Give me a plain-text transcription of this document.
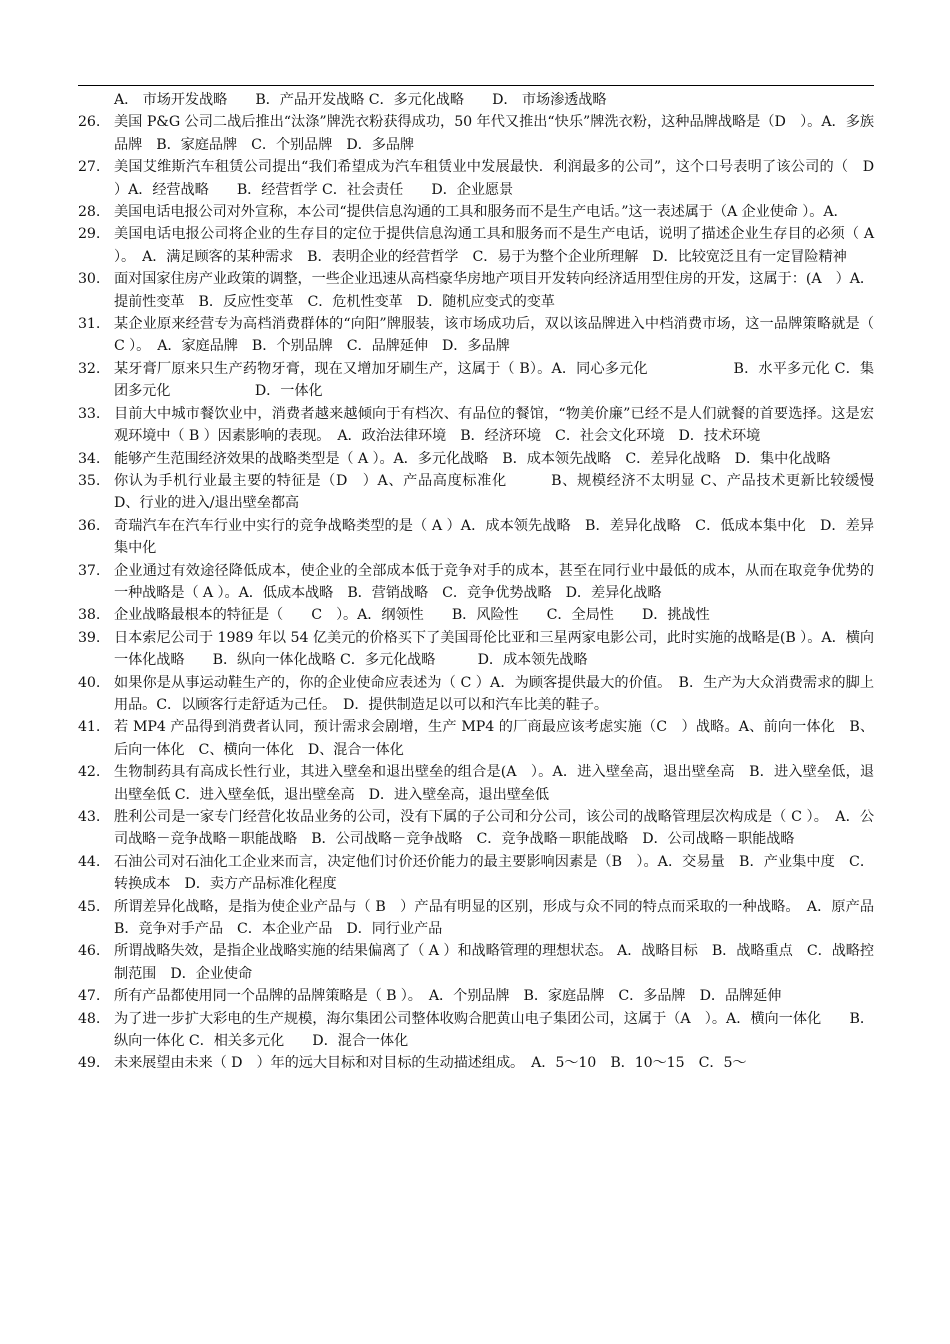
A． 市场开发战略　　B．产品开发战略 C．多元化战略　　D． 市场渗透战略
26. 美国 P&G 公司二战后推出“汰涤”牌洗衣粉获得成功，50 年代又推出“快乐”牌洗衣粉，这种品牌战略是（D　）。A．多族品牌　B．家庭品牌　C．个别品牌　D．多品牌
27. 美国艾维斯汽车租赁公司提出“我们希望成为汽车租赁业中发展最快．利润最多的公司”，这个口号表明了该公司的（　D　　）A．经营战略　　B．经营哲学 C．社会责任　　D．企业愿景
28. 美国电话电报公司对外宣称，本公司“提供信息沟通的工具和服务而不是生产电话。”这一表述属于（A 企业使命 ）。A．
29. 美国电话电报公司将企业的生存目的定位于提供信息沟通工具和服务而不是生产电话，说明了描述企业生存目的必须（ A ）。　A．满足顾客的某种需求　B．表明企业的经营哲学　C．易于为整个企业所理解　D．比较宽泛且有一定冒险精神
30. 面对国家住房产业政策的调整，一些企业迅速从高档豪华房地产项目开发转向经济适用型住房的开发，这属于：(A　）A．提前性变革　B．反应性变革　C．危机性变革　D．随机应变式的变革
31. 某企业原来经营专为高档消费群体的“向阳”牌服装，该市场成功后，双以该品牌进入中档消费市场，这一品牌策略就是（ C ）。　A．家庭品牌　B．个别品牌　C．品牌延伸　D．多品牌
32. 某牙膏厂原来只生产药物牙膏，现在又增加牙刷生产，这属于（ B）。A．同心多元化　　　　　　B．水平多元化 C．集团多元化　　　　　　D．一体化
33. 目前大中城市餐饮业中，消费者越来越倾向于有档次、有品位的餐馆，“物美价廉”已经不是人们就餐的首要选择。这是宏观环境中（ B ）因素影响的表现。　A．政治法律环境　B．经济环境　C．社会文化环境　D．技术环境
34. 能够产生范围经济效果的战略类型是（ A ）。A．多元化战略　B．成本领先战略　C．差异化战略　D．集中化战略
35. 你认为手机行业最主要的特征是（D　）A、产品高度标准化　　　B、规模经济不太明显 C、产品技术更新比较缓慢　D、行业的进入/退出壁垒都高
36. 奇瑞汽车在汽车行业中实行的竞争战略类型的是（ A ）A．成本领先战略　B．差异化战略　C．低成本集中化　D．差异集中化
37. 企业通过有效途径降低成本，使企业的全部成本低于竞争对手的成本，甚至在同行业中最低的成本，从而在取竞争优势的一种战略是（ A ）。A．低成本战略　B．营销战略　C．竞争优势战略　D．差异化战略
38. 企业战略最根本的特征是（　　C　）。A．纲领性　　B．风险性　　C．全局性　　D．挑战性
39. 日本索尼公司于 1989 年以 54 亿美元的价格买下了美国哥伦比亚和三星两家电影公司，此时实施的战略是(B ）。A．横向一体化战略　　B．纵向一体化战略 C．多元化战略　　　D．成本领先战略
40. 如果你是从事运动鞋生产的，你的企业使命应表述为（ C ）A．为顾客提供最大的价值。　B．生产为大众消费需求的脚上用品。C．以顾客行走舒适为己任。　D．提供制造足以可以和汽车比美的鞋子。
41. 若 MP4 产品得到消费者认同，预计需求会剧增，生产 MP4 的厂商最应该考虑实施（C　）战略。A、前向一体化　B、后向一体化　C、横向一体化　D、混合一体化
42. 生物制药具有高成长性行业，其进入壁垒和退出壁垒的组合是(A　）。A．进入壁垒高，退出壁垒高　B．进入壁垒低，退出壁垒低 C．进入壁垒低，退出壁垒高　D．进入壁垒高，退出壁垒低
43. 胜利公司是一家专门经营化妆品业务的公司，没有下属的子公司和分公司，该公司的战略管理层次构成是（ C ）。　A．公司战略－竞争战略－职能战略　B．公司战略－竞争战略　C．竞争战略－职能战略　D．公司战略－职能战略
44. 石油公司对石油化工企业来而言，决定他们讨价还价能力的最主要影响因素是（B　）。A．交易量　B．产业集中度　C．转换成本　D．卖方产品标准化程度
45. 所谓差异化战略，是指为使企业产品与（ B　）产品有明显的区别，形成与众不同的特点而采取的一种战略。　A．原产品　B．竞争对手产品　C．本企业产品　D．同行业产品
46. 所谓战略失效，是指企业战略实施的结果偏离了（ A ）和战略管理的理想状态。 A．战略目标　B．战略重点　C．战略控制范围　D．企业使命
47. 所有产品都使用同一个品牌的品牌策略是（ B ）。　A．个别品牌　B．家庭品牌　C．多品牌　D．品牌延伸
48. 为了进一步扩大彩电的生产规模，海尔集团公司整体收购合肥黄山电子集团公司，这属于（A　）。A．横向一体化　　B．纵向一体化 C．相关多元化　　D．混合一体化
49. 未来展望由未来（ D　）年的远大目标和对目标的生动描述组成。　A．5～10　B．10～15　C．5～
